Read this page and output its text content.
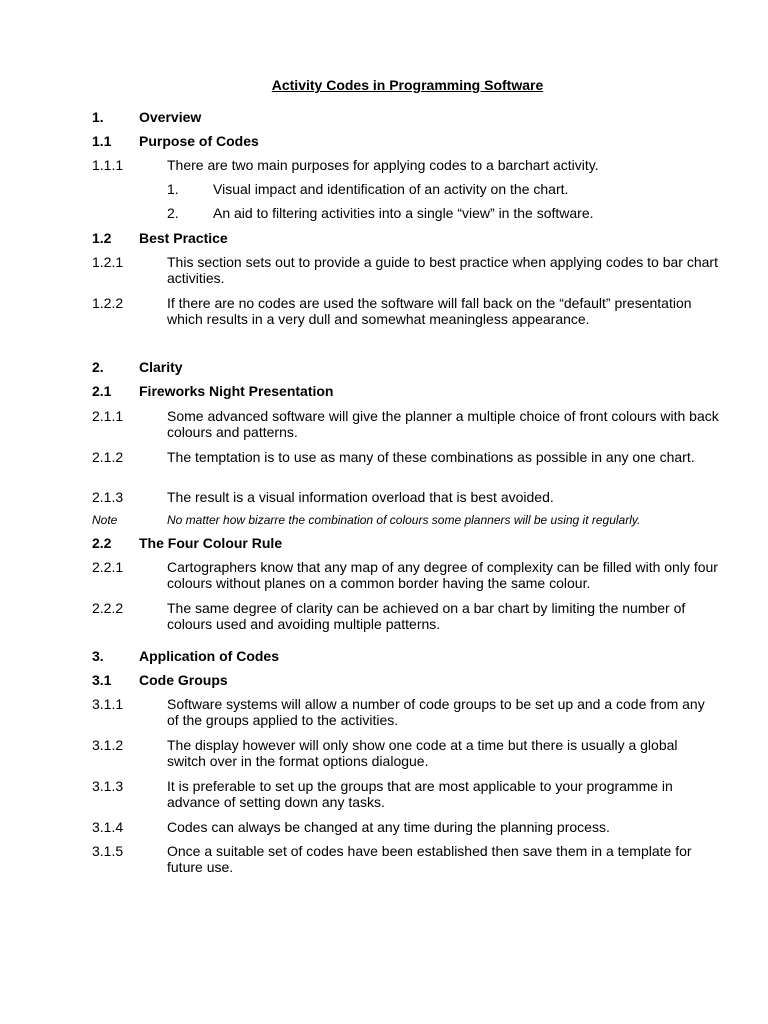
Activity Codes in Programming Software
1.	Overview
1.1 Purpose of Codes
1.1.1	There are two main purposes for applying codes to a barchart activity.
1. Visual impact and identification of an activity on the chart.
2. An aid to filtering activities into a single “view” in the software.
1.2 Best Practice
1.2.1	This section sets out to provide a guide to best practice when applying codes to bar chart activities.
1.2.2	If there are no codes are used the software will fall back on the “default” presentation which results in a very dull and somewhat meaningless appearance.
2.	Clarity
2.1 Fireworks Night Presentation
2.1.1	Some advanced software will give the planner a multiple choice of front colours with back colours and patterns.
2.1.2	The temptation is to use as many of these combinations as possible in any one chart.
2.1.3	The result is a visual information overload that is best avoided.
Note	No matter how bizarre the combination of colours some planners will be using it regularly.
2.2 The Four Colour Rule
2.2.1	Cartographers know that any map of any degree of complexity can be filled with only four colours without planes on a common border having the same colour.
2.2.2	The same degree of clarity can be achieved on a bar chart by limiting the number of colours used and avoiding multiple patterns.
3.	Application of Codes
3.1 Code Groups
3.1.1	Software systems will allow a number of code groups to be set up and a code from any of the groups applied to the activities.
3.1.2	The display however will only show one code at a time but there is usually a global switch over in the format options dialogue.
3.1.3	It is preferable to set up the groups that are most applicable to your programme in advance of setting down any tasks.
3.1.4	Codes can always be changed at any time during the planning process.
3.1.5	Once a suitable set of codes have been established then save them in a template for future use.
